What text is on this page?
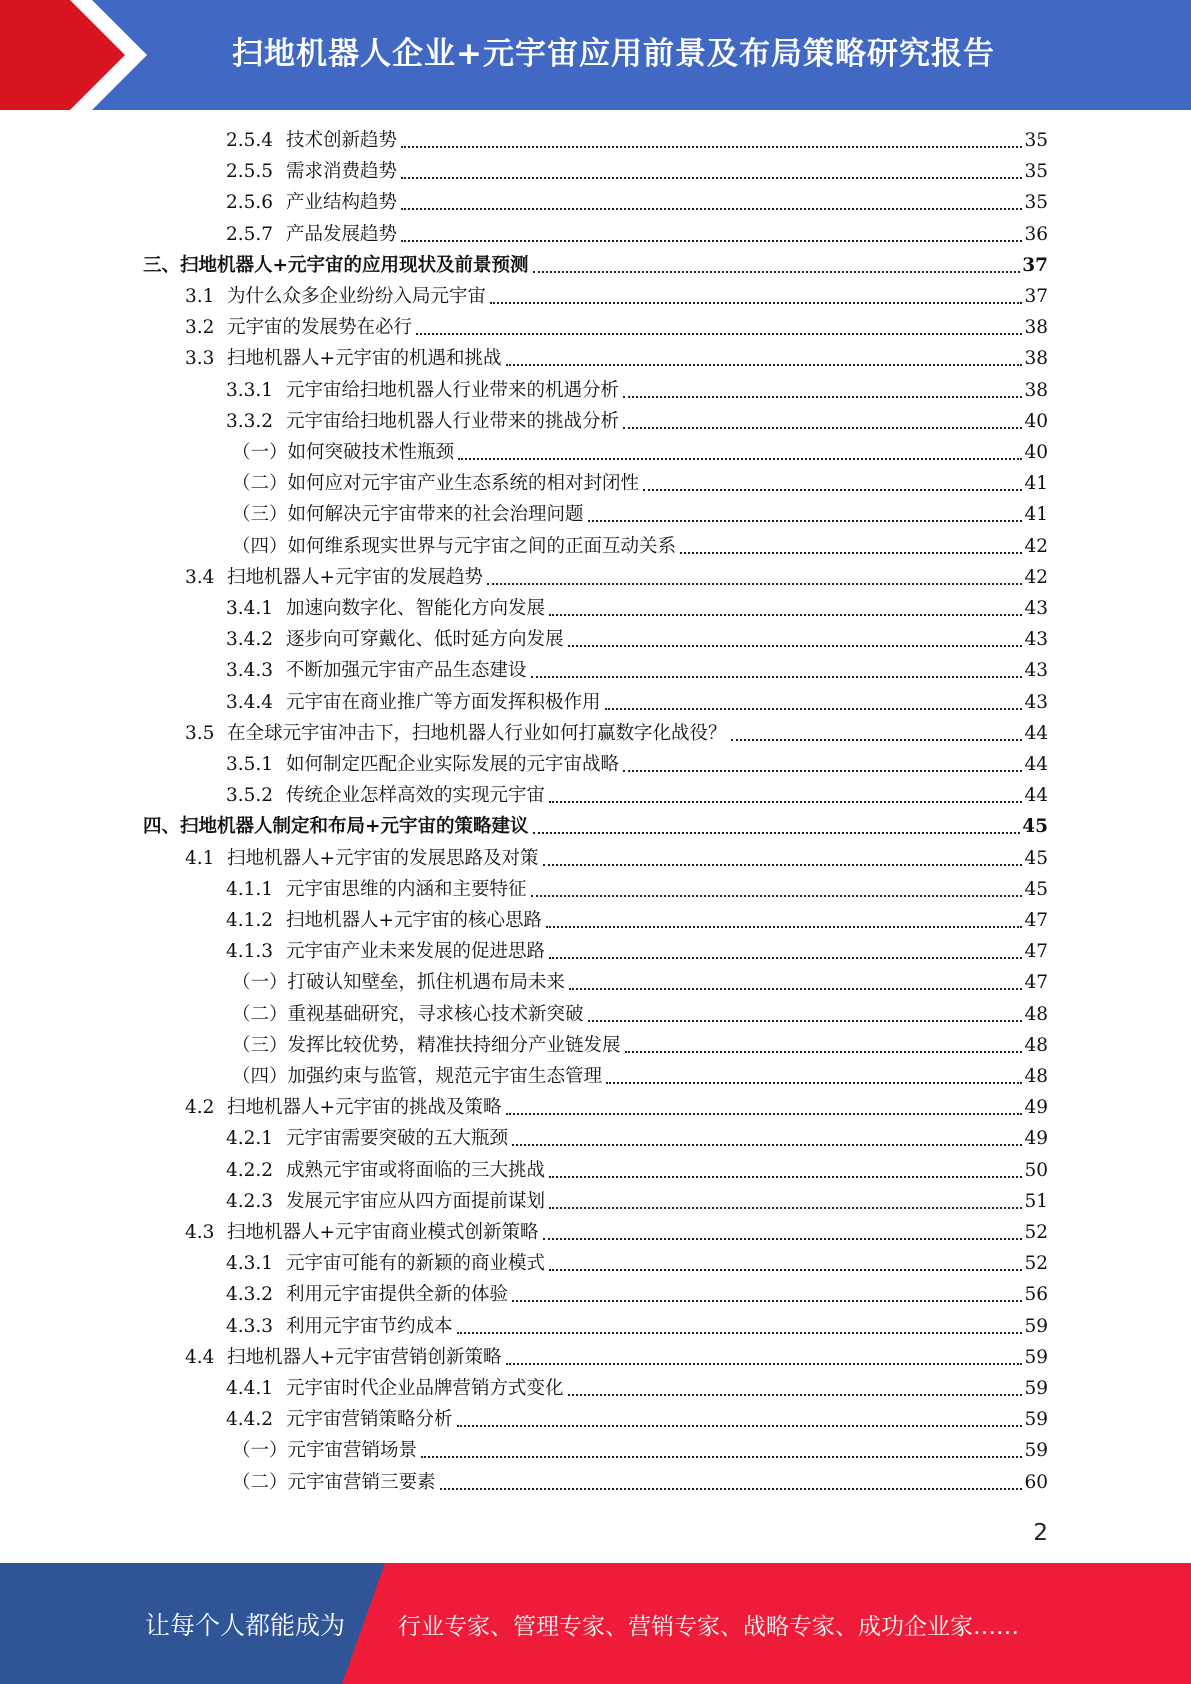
扫地机器人企业+元宇宙应用前景及布局策略研究报告
2.5.4 技术创新趋势	35
2.5.5 需求消费趋势	35
2.5.6 产业结构趋势	35
2.5.7 产品发展趋势	36
三、扫地机器人+元宇宙的应用现状及前景预测	37
3.1 为什么众多企业纷纷入局元宇宙	37
3.2 元宇宙的发展势在必行	38
3.3 扫地机器人+元宇宙的机遇和挑战	38
3.3.1 元宇宙给扫地机器人行业带来的机遇分析	38
3.3.2 元宇宙给扫地机器人行业带来的挑战分析	40
（一）如何突破技术性瓶颈	40
（二）如何应对元宇宙产业生态系统的相对封闭性	41
（三）如何解决元宇宙带来的社会治理问题	41
（四）如何维系现实世界与元宇宙之间的正面互动关系	42
3.4 扫地机器人+元宇宙的发展趋势	42
3.4.1 加速向数字化、智能化方向发展	43
3.4.2 逐步向可穿戴化、低时延方向发展	43
3.4.3 不断加强元宇宙产品生态建设	43
3.4.4 元宇宙在商业推广等方面发挥积极作用	43
3.5 在全球元宇宙冲击下，扫地机器人行业如何打赢数字化战役？	44
3.5.1 如何制定匹配企业实际发展的元宇宙战略	44
3.5.2 传统企业怎样高效的实现元宇宙	44
四、扫地机器人制定和布局+元宇宙的策略建议	45
4.1 扫地机器人+元宇宙的发展思路及对策	45
4.1.1 元宇宙思维的内涵和主要特征	45
4.1.2 扫地机器人+元宇宙的核心思路	47
4.1.3 元宇宙产业未来发展的促进思路	47
（一）打破认知壁垒，抓住机遇布局未来	47
（二）重视基础研究，寻求核心技术新突破	48
（三）发挥比较优势，精准扶持细分产业链发展	48
（四）加强约束与监管，规范元宇宙生态管理	48
4.2 扫地机器人+元宇宙的挑战及策略	49
4.2.1 元宇宙需要突破的五大瓶颈	49
4.2.2 成熟元宇宙或将面临的三大挑战	50
4.2.3 发展元宇宙应从四方面提前谋划	51
4.3 扫地机器人+元宇宙商业模式创新策略	52
4.3.1 元宇宙可能有的新颖的商业模式	52
4.3.2 利用元宇宙提供全新的体验	56
4.3.3 利用元宇宙节约成本	59
4.4 扫地机器人+元宇宙营销创新策略	59
4.4.1 元宇宙时代企业品牌营销方式变化	59
4.4.2 元宇宙营销策略分析	59
（一）元宇宙营销场景	59
（二）元宇宙营销三要素	60
2
让每个人都能成为 行业专家、管理专家、营销专家、战略专家、成功企业家……
